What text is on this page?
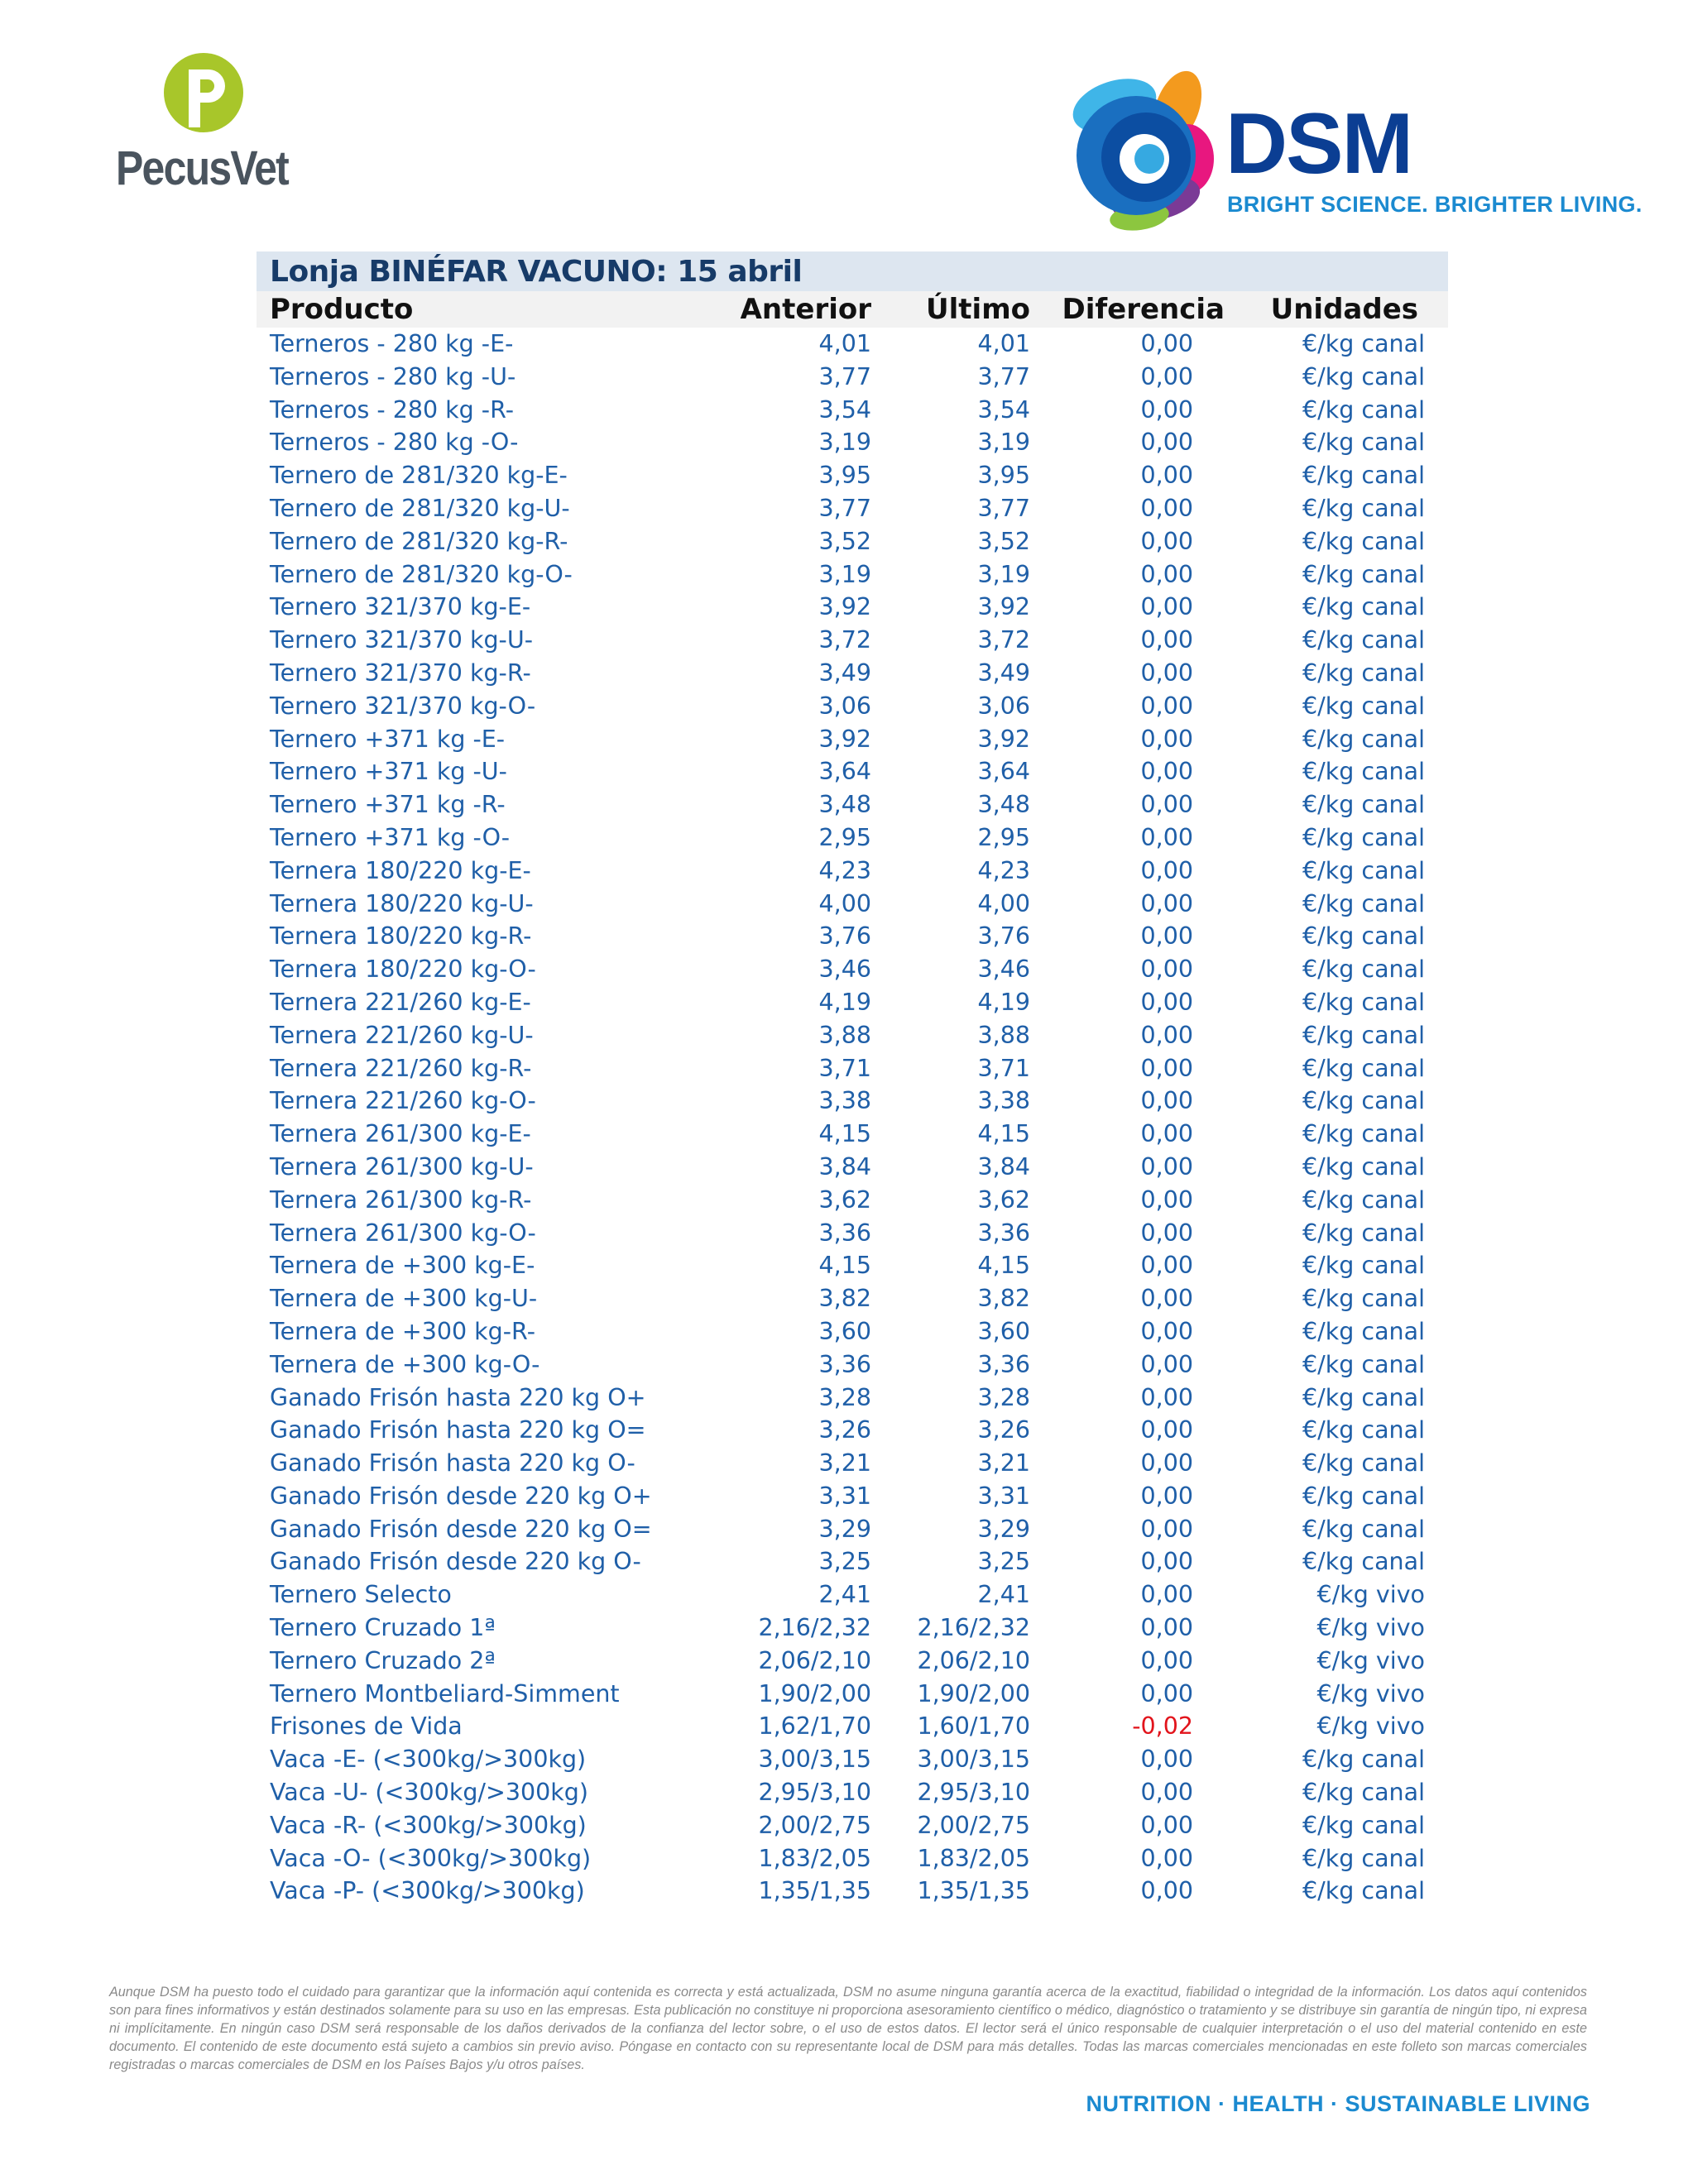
PecusVet	DSM
BRIGHT SCIENCE. BRIGHTER LIVING.
Lonja BINÉFAR VACUNO: 15 abril
Producto	Anterior	Último	Diferencia	Unidades
Terneros - 280 kg -E-	4,01	4,01	0,00	€/kg canal
Terneros - 280 kg -U-	3,77	3,77	0,00	€/kg canal
Terneros - 280 kg -R-	3,54	3,54	0,00	€/kg canal
Terneros - 280 kg -O-	3,19	3,19	0,00	€/kg canal
Ternero de 281/320 kg-E-	3,95	3,95	0,00	€/kg canal
Ternero de 281/320 kg-U-	3,77	3,77	0,00	€/kg canal
Ternero de 281/320 kg-R-	3,52	3,52	0,00	€/kg canal
Ternero de 281/320 kg-O-	3,19	3,19	0,00	€/kg canal
Ternero 321/370 kg-E-	3,92	3,92	0,00	€/kg canal
Ternero 321/370 kg-U-	3,72	3,72	0,00	€/kg canal
Ternero 321/370 kg-R-	3,49	3,49	0,00	€/kg canal
Ternero 321/370 kg-O-	3,06	3,06	0,00	€/kg canal
Ternero +371 kg -E-	3,92	3,92	0,00	€/kg canal
Ternero +371 kg -U-	3,64	3,64	0,00	€/kg canal
Ternero +371 kg -R-	3,48	3,48	0,00	€/kg canal
Ternero +371 kg -O-	2,95	2,95	0,00	€/kg canal
Ternera 180/220 kg-E-	4,23	4,23	0,00	€/kg canal
Ternera 180/220 kg-U-	4,00	4,00	0,00	€/kg canal
Ternera 180/220 kg-R-	3,76	3,76	0,00	€/kg canal
Ternera 180/220 kg-O-	3,46	3,46	0,00	€/kg canal
Ternera 221/260 kg-E-	4,19	4,19	0,00	€/kg canal
Ternera 221/260 kg-U-	3,88	3,88	0,00	€/kg canal
Ternera 221/260 kg-R-	3,71	3,71	0,00	€/kg canal
Ternera 221/260 kg-O-	3,38	3,38	0,00	€/kg canal
Ternera 261/300 kg-E-	4,15	4,15	0,00	€/kg canal
Ternera 261/300 kg-U-	3,84	3,84	0,00	€/kg canal
Ternera 261/300 kg-R-	3,62	3,62	0,00	€/kg canal
Ternera 261/300 kg-O-	3,36	3,36	0,00	€/kg canal
Ternera de +300 kg-E-	4,15	4,15	0,00	€/kg canal
Ternera de +300 kg-U-	3,82	3,82	0,00	€/kg canal
Ternera de +300 kg-R-	3,60	3,60	0,00	€/kg canal
Ternera de +300 kg-O-	3,36	3,36	0,00	€/kg canal
Ganado Frisón hasta 220 kg O+	3,28	3,28	0,00	€/kg canal
Ganado Frisón hasta 220 kg O=	3,26	3,26	0,00	€/kg canal
Ganado Frisón hasta 220 kg O-	3,21	3,21	0,00	€/kg canal
Ganado Frisón desde 220 kg O+	3,31	3,31	0,00	€/kg canal
Ganado Frisón desde 220 kg O=	3,29	3,29	0,00	€/kg canal
Ganado Frisón desde 220 kg O-	3,25	3,25	0,00	€/kg canal
Ternero Selecto	2,41	2,41	0,00	€/kg vivo
Ternero Cruzado 1ª	2,16/2,32	2,16/2,32	0,00	€/kg vivo
Ternero Cruzado 2ª	2,06/2,10	2,06/2,10	0,00	€/kg vivo
Ternero Montbeliard-Simment	1,90/2,00	1,90/2,00	0,00	€/kg vivo
Frisones de Vida	1,62/1,70	1,60/1,70	-0,02	€/kg vivo
Vaca -E- (<300kg/>300kg)	3,00/3,15	3,00/3,15	0,00	€/kg canal
Vaca -U- (<300kg/>300kg)	2,95/3,10	2,95/3,10	0,00	€/kg canal
Vaca -R- (<300kg/>300kg)	2,00/2,75	2,00/2,75	0,00	€/kg canal
Vaca -O- (<300kg/>300kg)	1,83/2,05	1,83/2,05	0,00	€/kg canal
Vaca -P- (<300kg/>300kg)	1,35/1,35	1,35/1,35	0,00	€/kg canal
Aunque DSM ha puesto todo el cuidado para garantizar que la información aquí contenida es correcta y está actualizada, DSM no asume ninguna garantía acerca de la exactitud, fiabilidad o integridad de la información. Los datos aquí contenidos son para fines informativos y están destinados solamente para su uso en las empresas. Esta publicación no constituye ni proporciona asesoramiento científico o médico, diagnóstico o tratamiento y se distribuye sin garantía de ningún tipo, ni expresa ni implícitamente. En ningún caso DSM será responsable de los daños derivados de la confianza del lector sobre, o el uso de estos datos. El lector será el único responsable de cualquier interpretación o el uso del material contenido en este documento. El contenido de este documento está sujeto a cambios sin previo aviso. Póngase en contacto con su representante local de DSM para más detalles. Todas las marcas comerciales mencionadas en este folleto son marcas comerciales registradas o marcas comerciales de DSM en los Países Bajos y/u otros países.
NUTRITION · HEALTH · SUSTAINABLE LIVING
